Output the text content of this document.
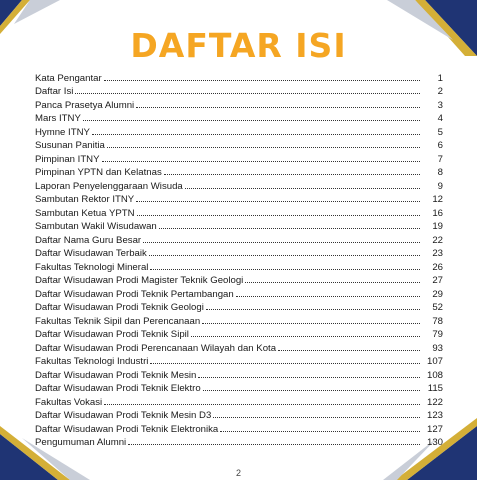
DAFTAR ISI
Kata Pengantar	1
Daftar Isi	2
Panca Prasetya Alumni	3
Mars ITNY	4
Hymne ITNY	5
Susunan Panitia	6
Pimpinan ITNY	7
Pimpinan YPTN dan Kelatnas	8
Laporan Penyelenggaraan Wisuda	9
Sambutan Rektor ITNY	12
Sambutan Ketua YPTN	16
Sambutan Wakil Wisudawan	19
Daftar Nama Guru Besar	22
Daftar Wisudawan Terbaik	23
Fakultas Teknologi Mineral	26
Daftar Wisudawan Prodi Magister Teknik Geologi	27
Daftar Wisudawan Prodi Teknik Pertambangan	29
Daftar Wisudawan Prodi Teknik Geologi	52
Fakultas Teknik Sipil dan Perencanaan	78
Daftar Wisudawan Prodi Teknik Sipil	79
Daftar Wisudawan Prodi Perencanaan Wilayah dan Kota	93
Fakultas Teknologi Industri	107
Daftar Wisudawan Prodi Teknik Mesin	108
Daftar Wisudawan Prodi Teknik Elektro	115
Fakultas Vokasi	122
Daftar Wisudawan Prodi Teknik Mesin D3	123
Daftar Wisudawan Prodi Teknik Elektronika	127
Pengumuman Alumni	130
2
